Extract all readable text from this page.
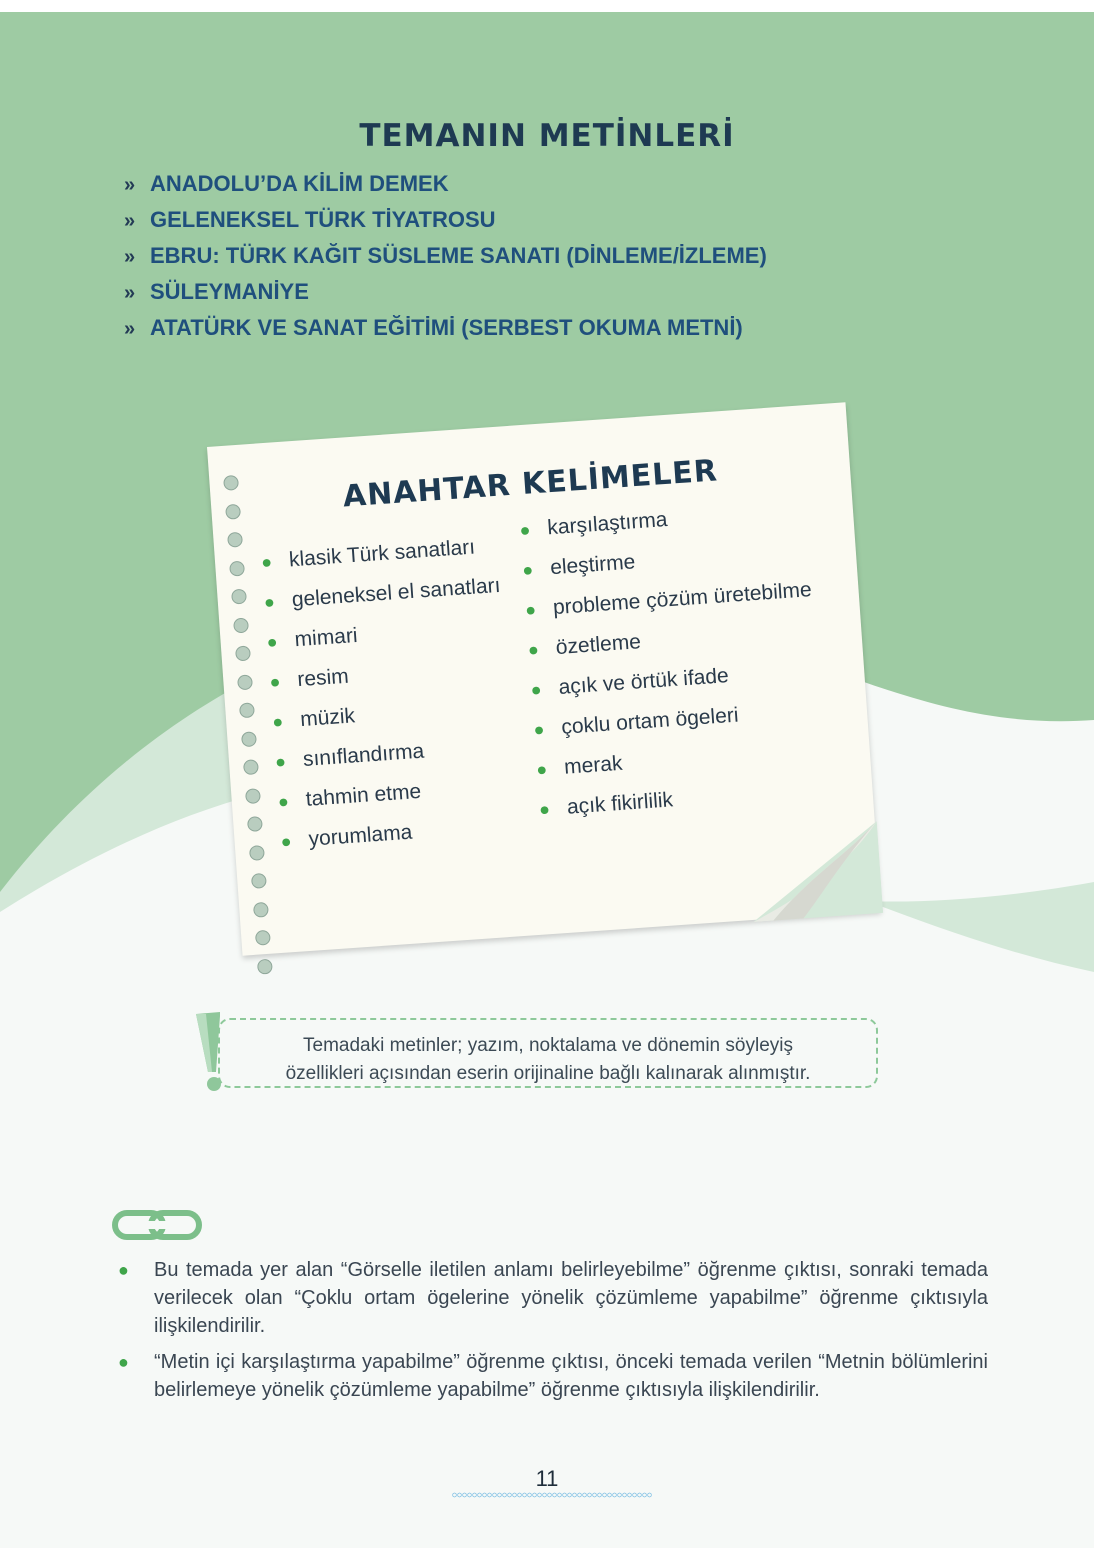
TEMANIN METİNLERİ
» ANADOLU’DA KİLİM DEMEK
» GELENEKSEL TÜRK TİYATROSU
» EBRU: TÜRK KAĞIT SÜSLEME SANATI (DİNLEME/İZLEME)
» SÜLEYMANİYE
» ATATÜRK VE SANAT EĞİTİMİ (SERBEST OKUMA METNİ)
ANAHTAR KELİMELER
● klasik Türk sanatları
● geleneksel el sanatları
● mimari
● resim
● müzik
● sınıflandırma
● tahmin etme
● yorumlama
● karşılaştırma
● eleştirme
● probleme çözüm üretebilme
● özetleme
● açık ve örtük ifade
● çoklu ortam ögeleri
● merak
● açık fikirlilik
Temadaki metinler; yazım, noktalama ve dönemin söyleyiş
özellikleri açısından eserin orijinaline bağlı kalınarak alınmıştır.
● Bu temada yer alan “Görselle iletilen anlamı belirleyebilme” öğrenme çıktısı, sonraki temada verilecek olan “Çoklu ortam ögelerine yönelik çözümleme yapabilme” öğrenme çıktısıyla ilişkilendirilir.
● “Metin içi karşılaştırma yapabilme” öğrenme çıktısı, önceki temada verilen “Metnin bölümlerini belirlemeye yönelik çözümleme yapabilme” öğrenme çıktısıyla ilişkilendirilir.
11
